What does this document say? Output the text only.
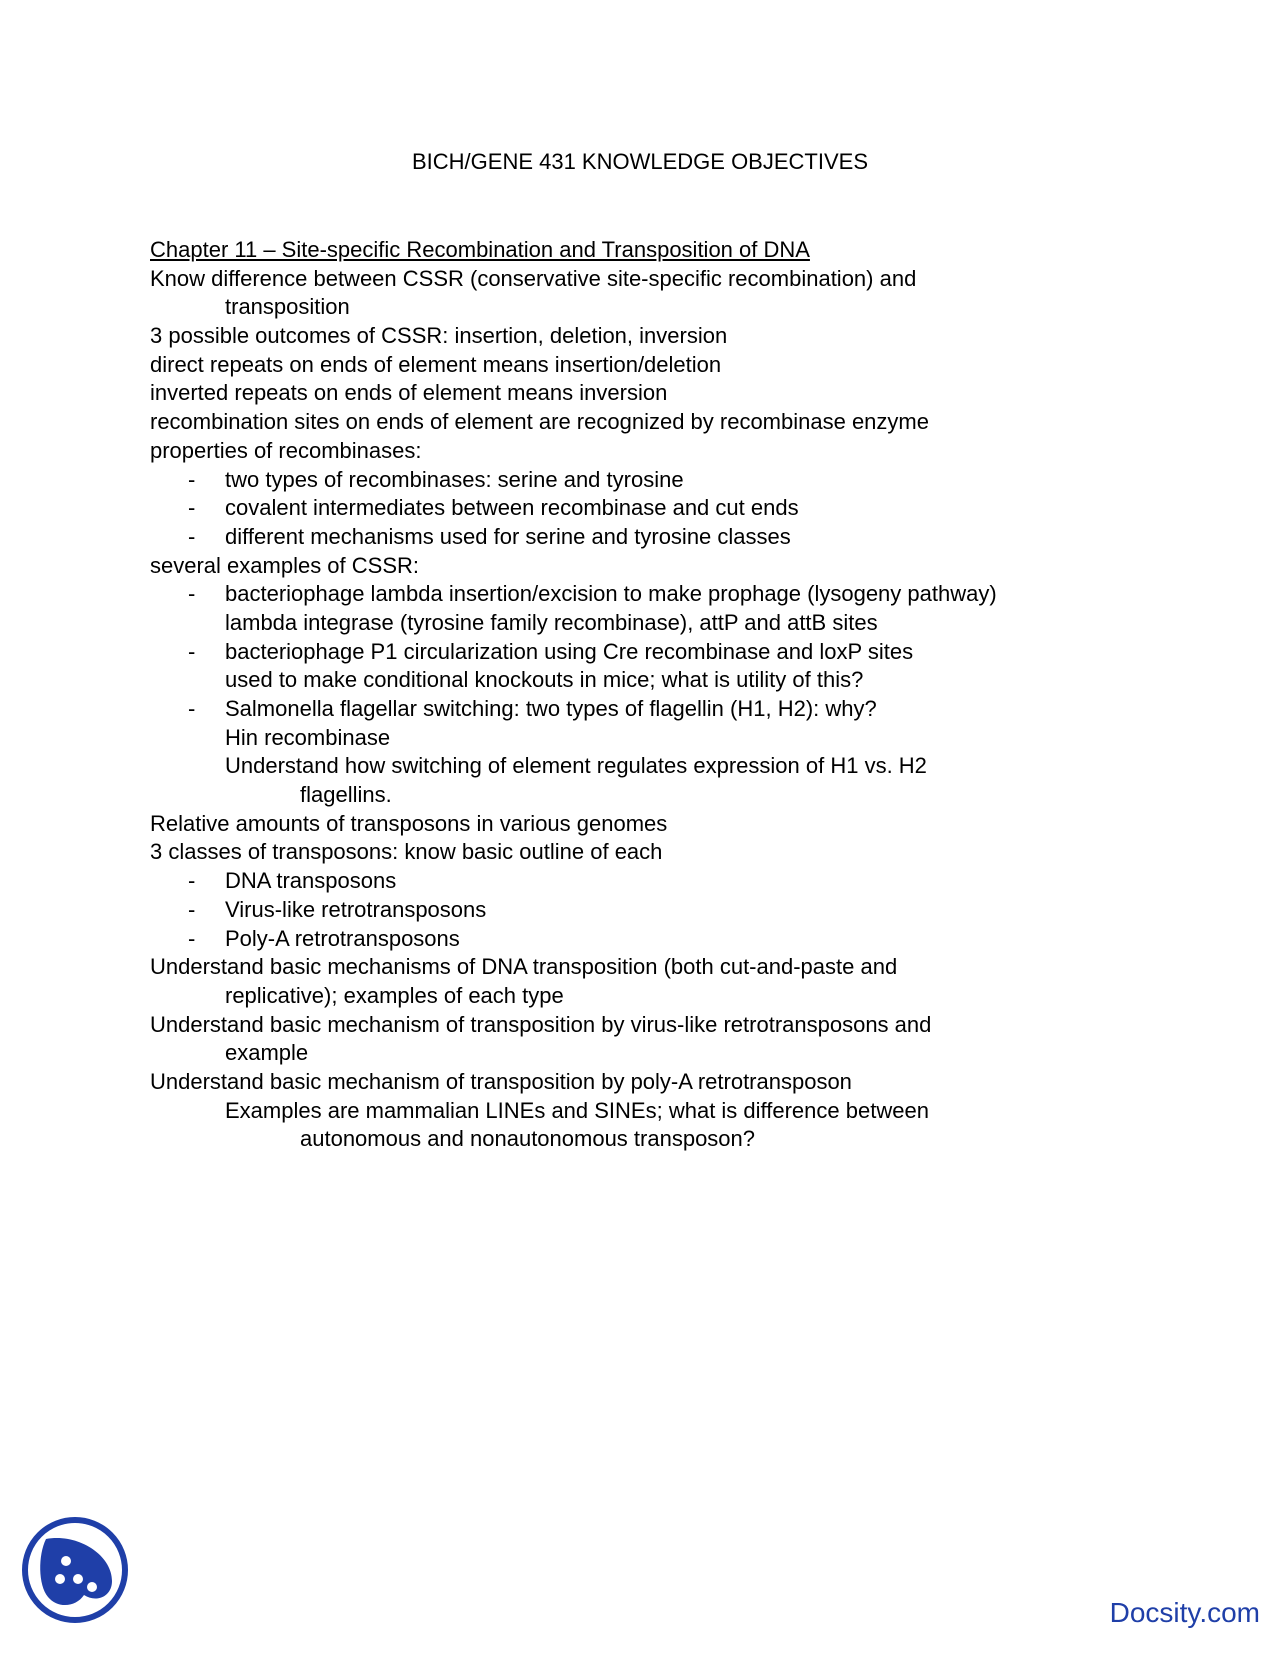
BICH/GENE 431 KNOWLEDGE OBJECTIVES
Chapter 11 – Site-specific Recombination and Transposition of DNA
Know difference between CSSR (conservative site-specific recombination) and
transposition
3 possible outcomes of CSSR: insertion, deletion, inversion
direct repeats on ends of element means insertion/deletion
inverted repeats on ends of element means inversion
recombination sites on ends of element are recognized by recombinase enzyme
properties of recombinases:
- two types of recombinases: serine and tyrosine
- covalent intermediates between recombinase and cut ends
- different mechanisms used for serine and tyrosine classes
several examples of CSSR:
- bacteriophage lambda insertion/excision to make prophage (lysogeny pathway)
lambda integrase (tyrosine family recombinase), attP and attB sites
- bacteriophage P1 circularization using Cre recombinase and loxP sites
used to make conditional knockouts in mice; what is utility of this?
- Salmonella flagellar switching: two types of flagellin (H1, H2): why?
Hin recombinase
Understand how switching of element regulates expression of H1 vs. H2
flagellins.
Relative amounts of transposons in various genomes
3 classes of transposons: know basic outline of each
- DNA transposons
- Virus-like retrotransposons
- Poly-A retrotransposons
Understand basic mechanisms of DNA transposition (both cut-and-paste and
replicative); examples of each type
Understand basic mechanism of transposition by virus-like retrotransposons and
example
Understand basic mechanism of transposition by poly-A retrotransposon
Examples are mammalian LINEs and SINEs; what is difference between
autonomous and nonautonomous transposon?
Docsity.com
